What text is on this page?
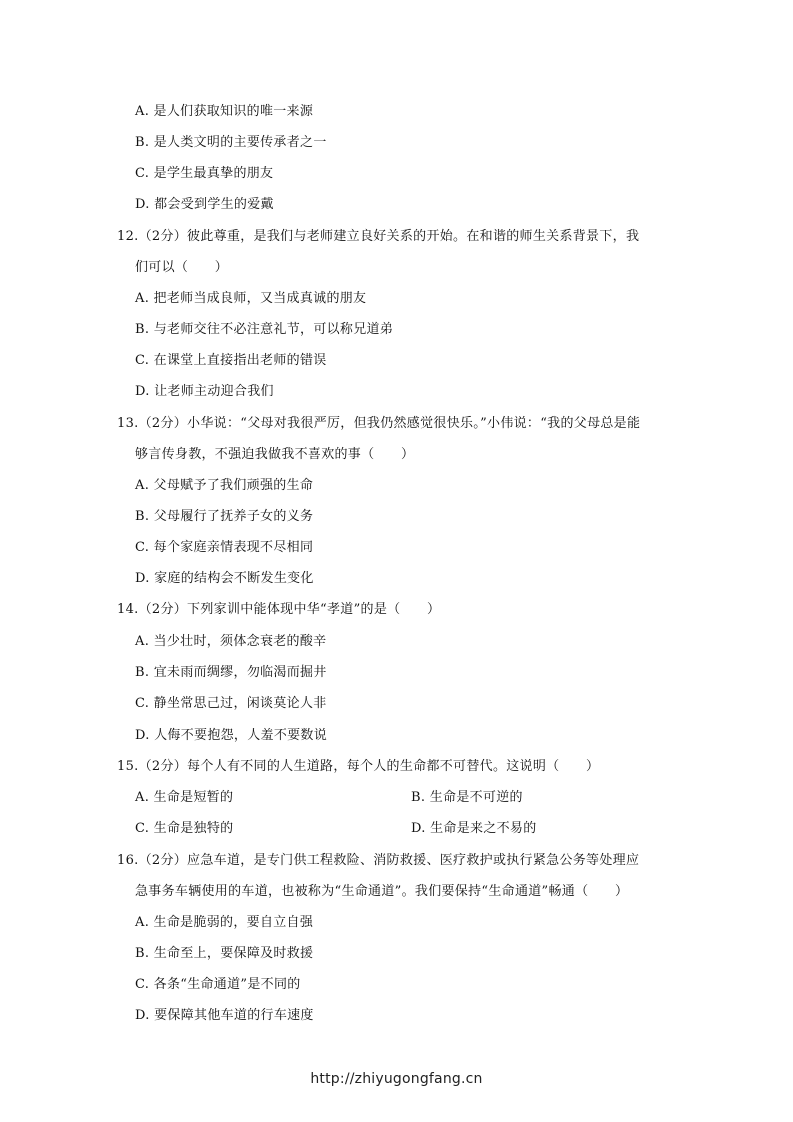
A. 是人们获取知识的唯一来源
B. 是人类文明的主要传承者之一
C. 是学生最真挚的朋友
D. 都会受到学生的爱戴
12.（2分）彼此尊重，是我们与老师建立良好关系的开始。在和谐的师生关系背景下，我
们可以（　　）
A. 把老师当成良师，又当成真诚的朋友
B. 与老师交往不必注意礼节，可以称兄道弟
C. 在课堂上直接指出老师的错误
D. 让老师主动迎合我们
13.（2分）小华说：“父母对我很严厉，但我仍然感觉很快乐。”小伟说：“我的父母总是能
够言传身教，不强迫我做我不喜欢的事（　　）
A. 父母赋予了我们顽强的生命
B. 父母履行了抚养子女的义务
C. 每个家庭亲情表现不尽相同
D. 家庭的结构会不断发生变化
14.（2分）下列家训中能体现中华“孝道”的是（　　）
A. 当少壮时，须体念衰老的酸辛
B. 宜未雨而绸缪，勿临渴而掘井
C. 静坐常思己过，闲谈莫论人非
D. 人侮不要抱怨，人羞不要数说
15.（2分）每个人有不同的人生道路，每个人的生命都不可替代。这说明（　　）
A. 生命是短暂的	B. 生命是不可逆的
C. 生命是独特的	D. 生命是来之不易的
16.（2分）应急车道，是专门供工程救险、消防救援、医疗救护或执行紧急公务等处理应
急事务车辆使用的车道，也被称为“生命通道”。我们要保持“生命通道”畅通（　　）
A. 生命是脆弱的，要自立自强
B. 生命至上，要保障及时救援
C. 各条“生命通道”是不同的
D. 要保障其他车道的行车速度
http://zhiyugongfang.cn
